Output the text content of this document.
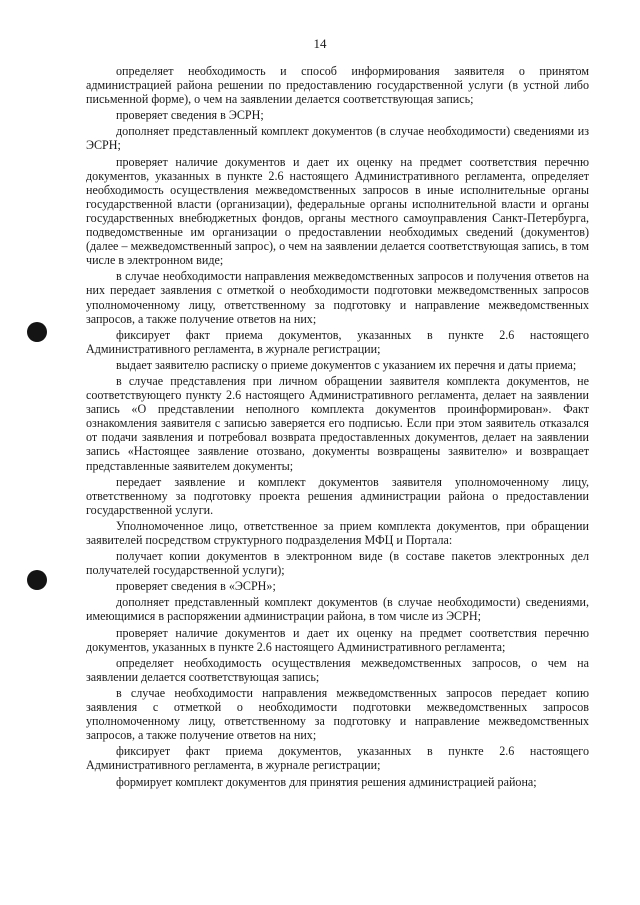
14

определяет необходимость и способ информирования заявителя о принятом администрацией района решении по предоставлению государственной услуги (в устной либо письменной форме), о чем на заявлении делается соответствующая запись;

проверяет сведения в ЭСРН;

дополняет представленный комплект документов (в случае необходимости) сведениями из ЭСРН;

проверяет наличие документов и дает их оценку на предмет соответствия перечню документов, указанных в пункте 2.6 настоящего Административного регламента, определяет необходимость осуществления межведомственных запросов в иные исполнительные органы государственной власти (организации), федеральные органы исполнительной власти и органы государственных внебюджетных фондов, органы местного самоуправления Санкт-Петербурга, подведомственные им организации о предоставлении необходимых сведений (документов) (далее – межведомственный запрос), о чем на заявлении делается соответствующая запись, в том числе в электронном виде;

в случае необходимости направления межведомственных запросов и получения ответов на них передает заявления с отметкой о необходимости подготовки межведомственных запросов уполномоченному лицу, ответственному за подготовку и направление межведомственных запросов, а также получение ответов на них;

фиксирует факт приема документов, указанных в пункте 2.6 настоящего Административного регламента, в журнале регистрации;

выдает заявителю расписку о приеме документов с указанием их перечня и даты приема;

в случае представления при личном обращении заявителя комплекта документов, не соответствующего пункту 2.6 настоящего Административного регламента, делает на заявлении запись «О представлении неполного комплекта документов проинформирован». Факт ознакомления заявителя с записью заверяется его подписью. Если при этом заявитель отказался от подачи заявления и потребовал возврата предоставленных документов, делает на заявлении запись «Настоящее заявление отозвано, документы возвращены заявителю» и возвращает представленные заявителем документы;

передает заявление и комплект документов заявителя уполномоченному лицу, ответственному за подготовку проекта решения администрации района о предоставлении государственной услуги.

Уполномоченное лицо, ответственное за прием комплекта документов, при обращении заявителей посредством структурного подразделения МФЦ и Портала:

получает копии документов в электронном виде (в составе пакетов электронных дел получателей государственной услуги);

проверяет сведения в «ЭСРН»;

дополняет представленный комплект документов (в случае необходимости) сведениями, имеющимися в распоряжении администрации района, в том числе из ЭСРН;

проверяет наличие документов и дает их оценку на предмет соответствия перечню документов, указанных в пункте 2.6 настоящего Административного регламента;

определяет необходимость осуществления межведомственных запросов, о чем на заявлении делается соответствующая запись;

в случае необходимости направления межведомственных запросов передает копию заявления с отметкой о необходимости подготовки межведомственных запросов уполномоченному лицу, ответственному за подготовку и направление межведомственных запросов, а также получение ответов на них;

фиксирует факт приема документов, указанных в пункте 2.6 настоящего Административного регламента, в журнале регистрации;

формирует комплект документов для принятия решения администрацией района;
